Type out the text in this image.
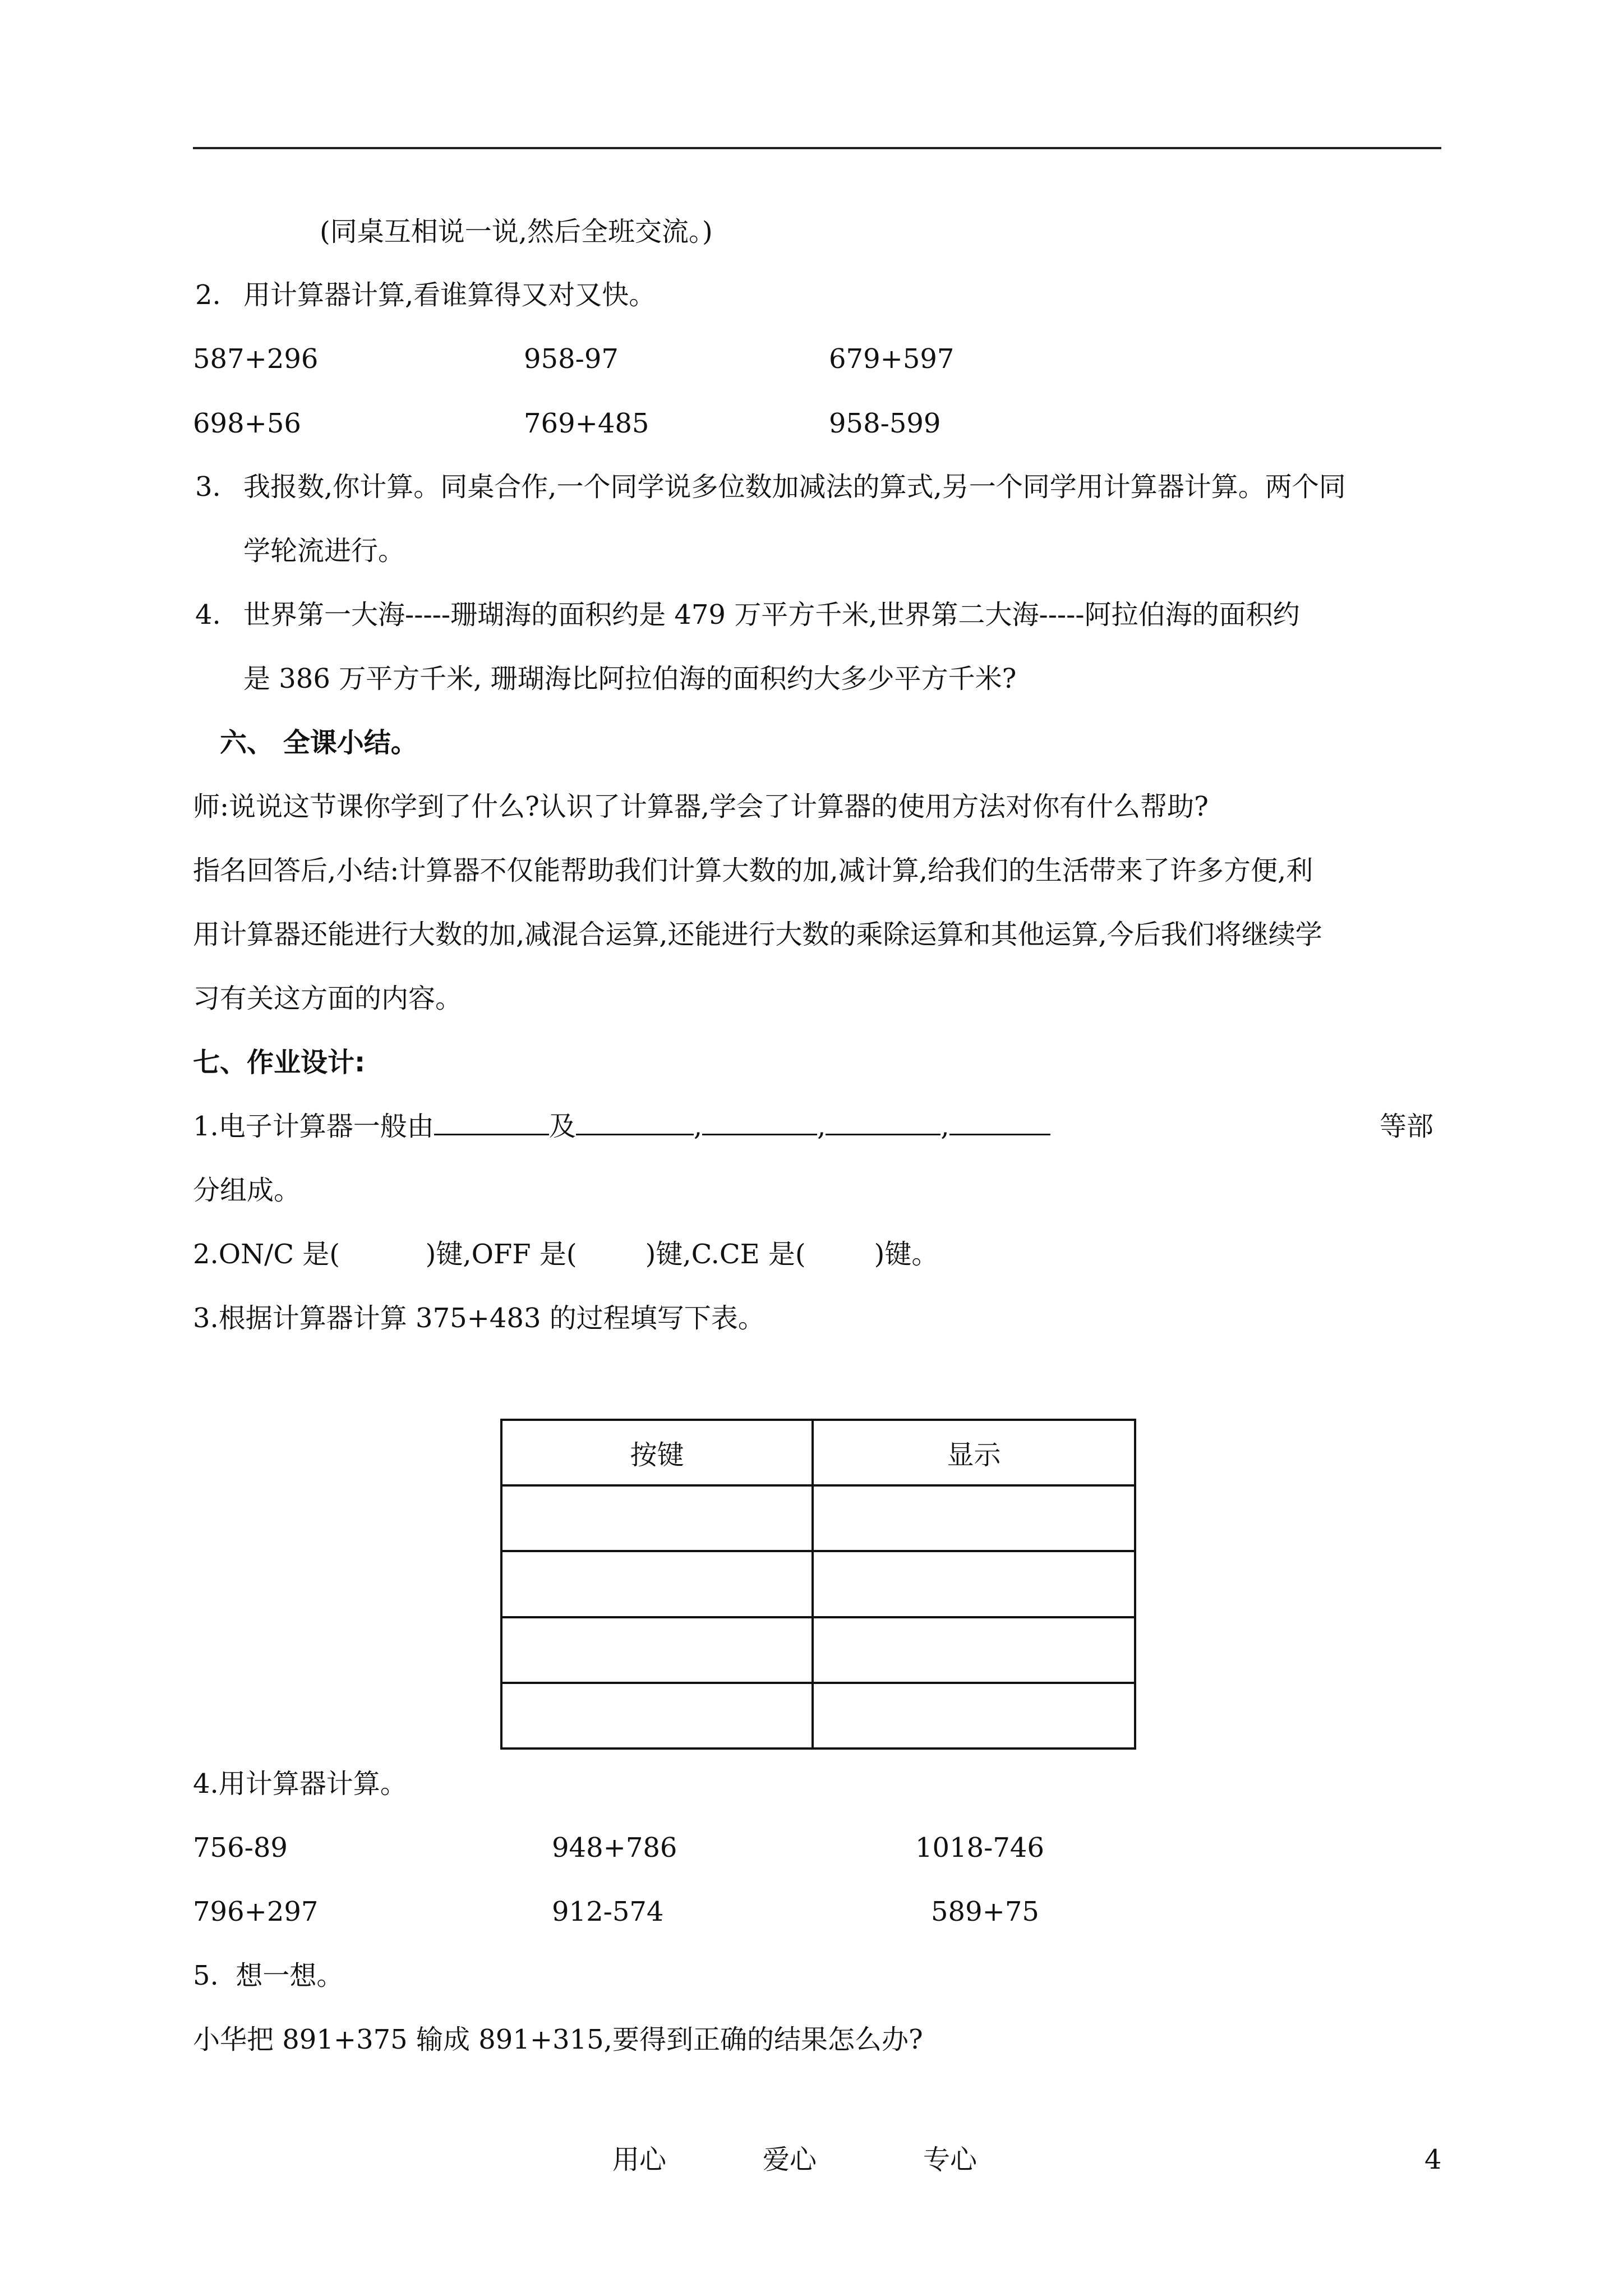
(同桌互相说一说,然后全班交流。)
2. 用计算器计算,看谁算得又对又快。
587+296	958-97	679+597
698+56	769+485	958-599
3. 我报数,你计算。同桌合作,一个同学说多位数加减法的算式,另一个同学用计算器计算。两个同
学轮流进行。
4. 世界第一大海-----珊瑚海的面积约是 479 万平方千米,世界第二大海-----阿拉伯海的面积约
是 386 万平方千米, 珊瑚海比阿拉伯海的面积约大多少平方千米?
六、 全课小结。
师:说说这节课你学到了什么?认识了计算器,学会了计算器的使用方法对你有什么帮助?
指名回答后,小结:计算器不仅能帮助我们计算大数的加,减计算,给我们的生活带来了许多方便,利
用计算器还能进行大数的加,减混合运算,还能进行大数的乘除运算和其他运算,今后我们将继续学
习有关这方面的内容。
七、作业设计:
1.电子计算器一般由	及	,	,	,	等部
分组成。
2.ON/C 是(          )键,OFF 是(        )键,C.CE 是(        )键。
3.根据计算器计算 375+483 的过程填写下表。
按键	显示

4.用计算器计算。
756-89	948+786	1018-746
796+297	912-574	589+75
5.  想一想。
小华把 891+375 输成 891+315,要得到正确的结果怎么办?
用心	爱心	专心	4
